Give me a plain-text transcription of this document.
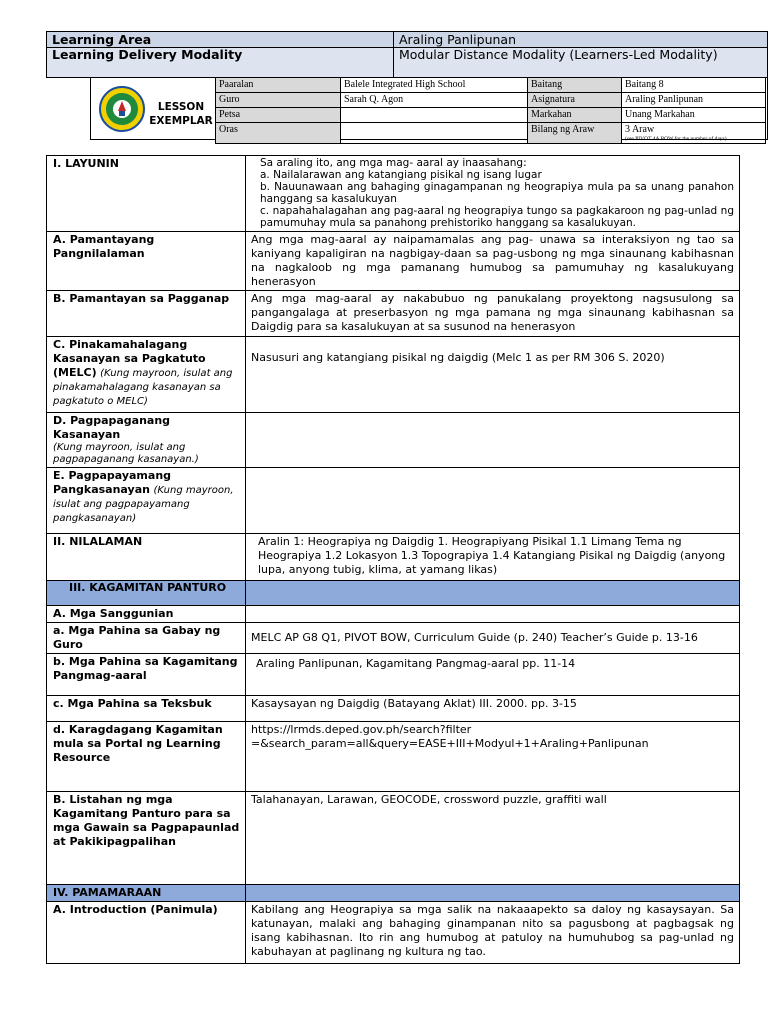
Learning Area	Araling Panlipunan
Learning Delivery Modality	Modular Distance Modality (Learners-Led Modality)
LESSON
EXEMPLAR
Paaralan	Balele Integrated High School	Baitang	Baitang 8
Guro	Sarah Q. Agon	Asignatura	Araling Panlipunan
Petsa		Markahan	Unang Markahan
Oras		Bilang ng Araw	3 Araw
(see PIVOT 4A BOW for the number of days)
I. LAYUNIN	Sa araling ito, ang mga mag- aaral ay inaasahang:
a. Nailalarawan ang katangiang pisikal ng isang lugar
b. Nauunawaan ang bahaging ginagampanan ng heograpiya mula pa sa unang panahon hanggang sa kasalukuyan
c. napahahalagahan ang pag-aaral ng heograpiya tungo sa pagkakaroon ng pag-unlad ng pamumuhay mula sa panahong prehistoriko hanggang sa kasalukuyan.

A. Pamantayang Pangnilalaman	Ang mga mag-aaral ay naipamamalas ang pag- unawa sa interaksiyon ng tao sa kaniyang kapaligiran na nagbigay-daan sa pag-usbong ng mga sinaunang kabihasnan na nagkaloob ng mga pamanang humubog sa pamumuhay ng kasalukuyang henerasyon
B. Pamantayan sa Pagganap	Ang mga mag-aaral ay nakabubuo ng panukalang proyektong nagsusulong sa pangangalaga at preserbasyon ng mga pamana ng mga sinaunang kabihasnan sa Daigdig para sa kasalukuyan at sa susunod na henerasyon
C. Pinakamahalagang Kasanayan sa Pagkatuto (MELC) (Kung mayroon, isulat ang pinakamahalagang kasanayan sa pagkatuto o MELC)	Nasusuri ang katangiang pisikal ng daigdig (Melc 1 as per RM 306 S. 2020)

D. Pagpapaganang Kasanayan
(Kung mayroon, isulat ang pagpapaganang kasanayan.)	

E. Pagpapayamang Pangkasanayan (Kung mayroon, isulat ang pagpapayamang pangkasanayan)	
II. NILALAMAN	Aralin 1: Heograpiya ng Daigdig 1. Heograpiyang Pisikal 1.1 Limang Tema ng Heograpiya 1.2 Lokasyon 1.3 Topograpiya 1.4 Katangiang Pisikal ng Daigdig (anyong lupa, anyong tubig, klima, at yamang likas)
III. KAGAMITAN PANTURO	
A. Mga Sanggunian	
a. Mga Pahina sa Gabay ng Guro	MELC AP G8 Q1, PIVOT BOW, Curriculum Guide (p. 240) Teacher’s Guide p. 13-16
b. Mga Pahina sa Kagamitang Pangmag-aaral	Araling Panlipunan, Kagamitang Pangmag-aaral pp. 11-14
c. Mga Pahina sa Teksbuk	Kasaysayan ng Daigdig (Batayang Aklat) III. 2000. pp. 3-15
d. Karagdagang Kagamitan mula sa Portal ng Learning Resource	https://lrmds.deped.gov.ph/search?filter
=&search_param=all&query=EASE+III+Modyul+1+Araling+Panlipunan

B. Listahan ng mga Kagamitang Panturo para sa mga Gawain sa Pagpapaunlad at Pakikipagpalihan	Talahanayan, Larawan, GEOCODE, crossword puzzle, graffiti wall
IV. PAMAMARAAN	
A. Introduction (Panimula)	Kabilang ang Heograpiya sa mga salik na nakaaapekto sa daloy ng kasaysayan. Sa katunayan, malaki ang bahaging ginampanan nito sa pagusbong at pagbagsak ng isang kabihasnan. Ito rin ang humubog at patuloy na humuhubog sa pag-unlad ng kabuhayan at paglinang ng kultura ng tao.
